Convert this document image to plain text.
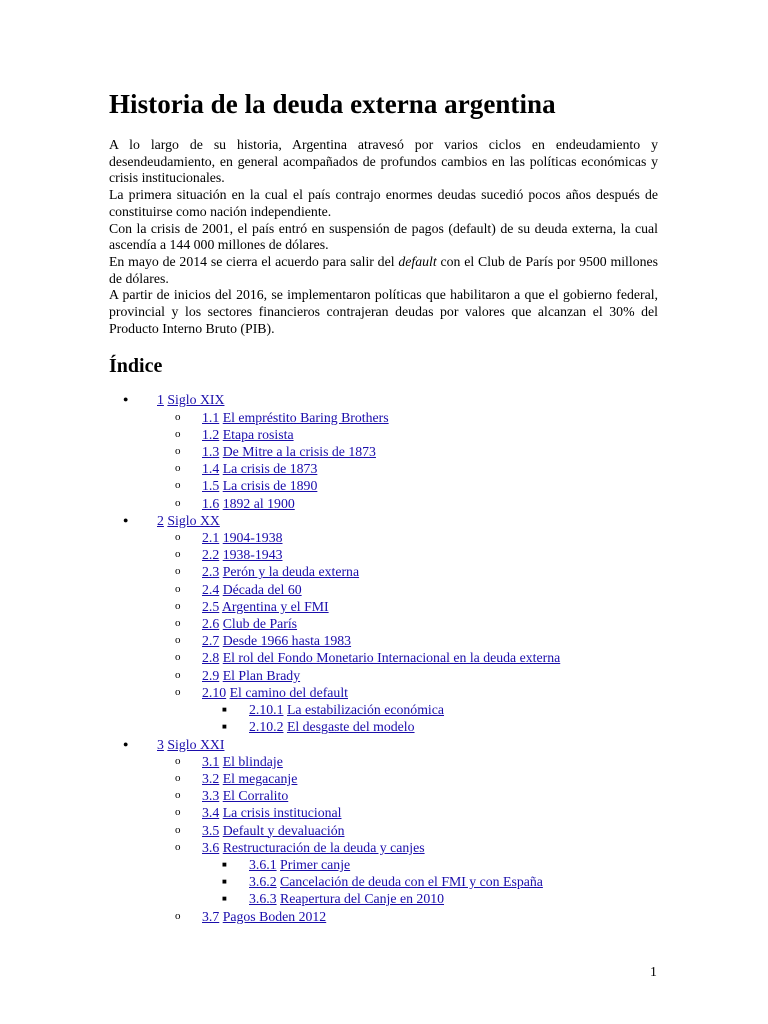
Historia de la deuda externa argentina

A lo largo de su historia, Argentina atravesó por varios ciclos en endeudamiento y desendeudamiento, en general acompañados de profundos cambios en las políticas económicas y crisis institucionales.

La primera situación en la cual el país contrajo enormes deudas sucedió pocos años después de constituirse como nación independiente.

Con la crisis de 2001, el país entró en suspensión de pagos (default) de su deuda externa, la cual ascendía a 144 000 millones de dólares.

En mayo de 2014 se cierra el acuerdo para salir del default con el Club de París por 9500 millones de dólares.

A partir de inicios del 2016, se implementaron políticas que habilitaron a que el gobierno federal, provincial y los sectores financieros contrajeran deudas por valores que alcanzan el 30% del Producto Interno Bruto (PIB).

Índice
● 1 Siglo XIX
o 1.1 El empréstito Baring Brothers
o 1.2 Etapa rosista
o 1.3 De Mitre a la crisis de 1873
o 1.4 La crisis de 1873
o 1.5 La crisis de 1890
o 1.6 1892 al 1900
● 2 Siglo XX
o 2.1 1904-1938
o 2.2 1938-1943
o 2.3 Perón y la deuda externa
o 2.4 Década del 60
o 2.5 Argentina y el FMI
o 2.6 Club de París
o 2.7 Desde 1966 hasta 1983
o 2.8 El rol del Fondo Monetario Internacional en la deuda externa
o 2.9 El Plan Brady
o 2.10 El camino del default
■ 2.10.1 La estabilización económica
■ 2.10.2 El desgaste del modelo
● 3 Siglo XXI
o 3.1 El blindaje
o 3.2 El megacanje
o 3.3 El Corralito
o 3.4 La crisis institucional
o 3.5 Default y devaluación
o 3.6 Restructuración de la deuda y canjes
■ 3.6.1 Primer canje
■ 3.6.2 Cancelación de deuda con el FMI y con España
■ 3.6.3 Reapertura del Canje en 2010
o 3.7 Pagos Boden 2012
1
